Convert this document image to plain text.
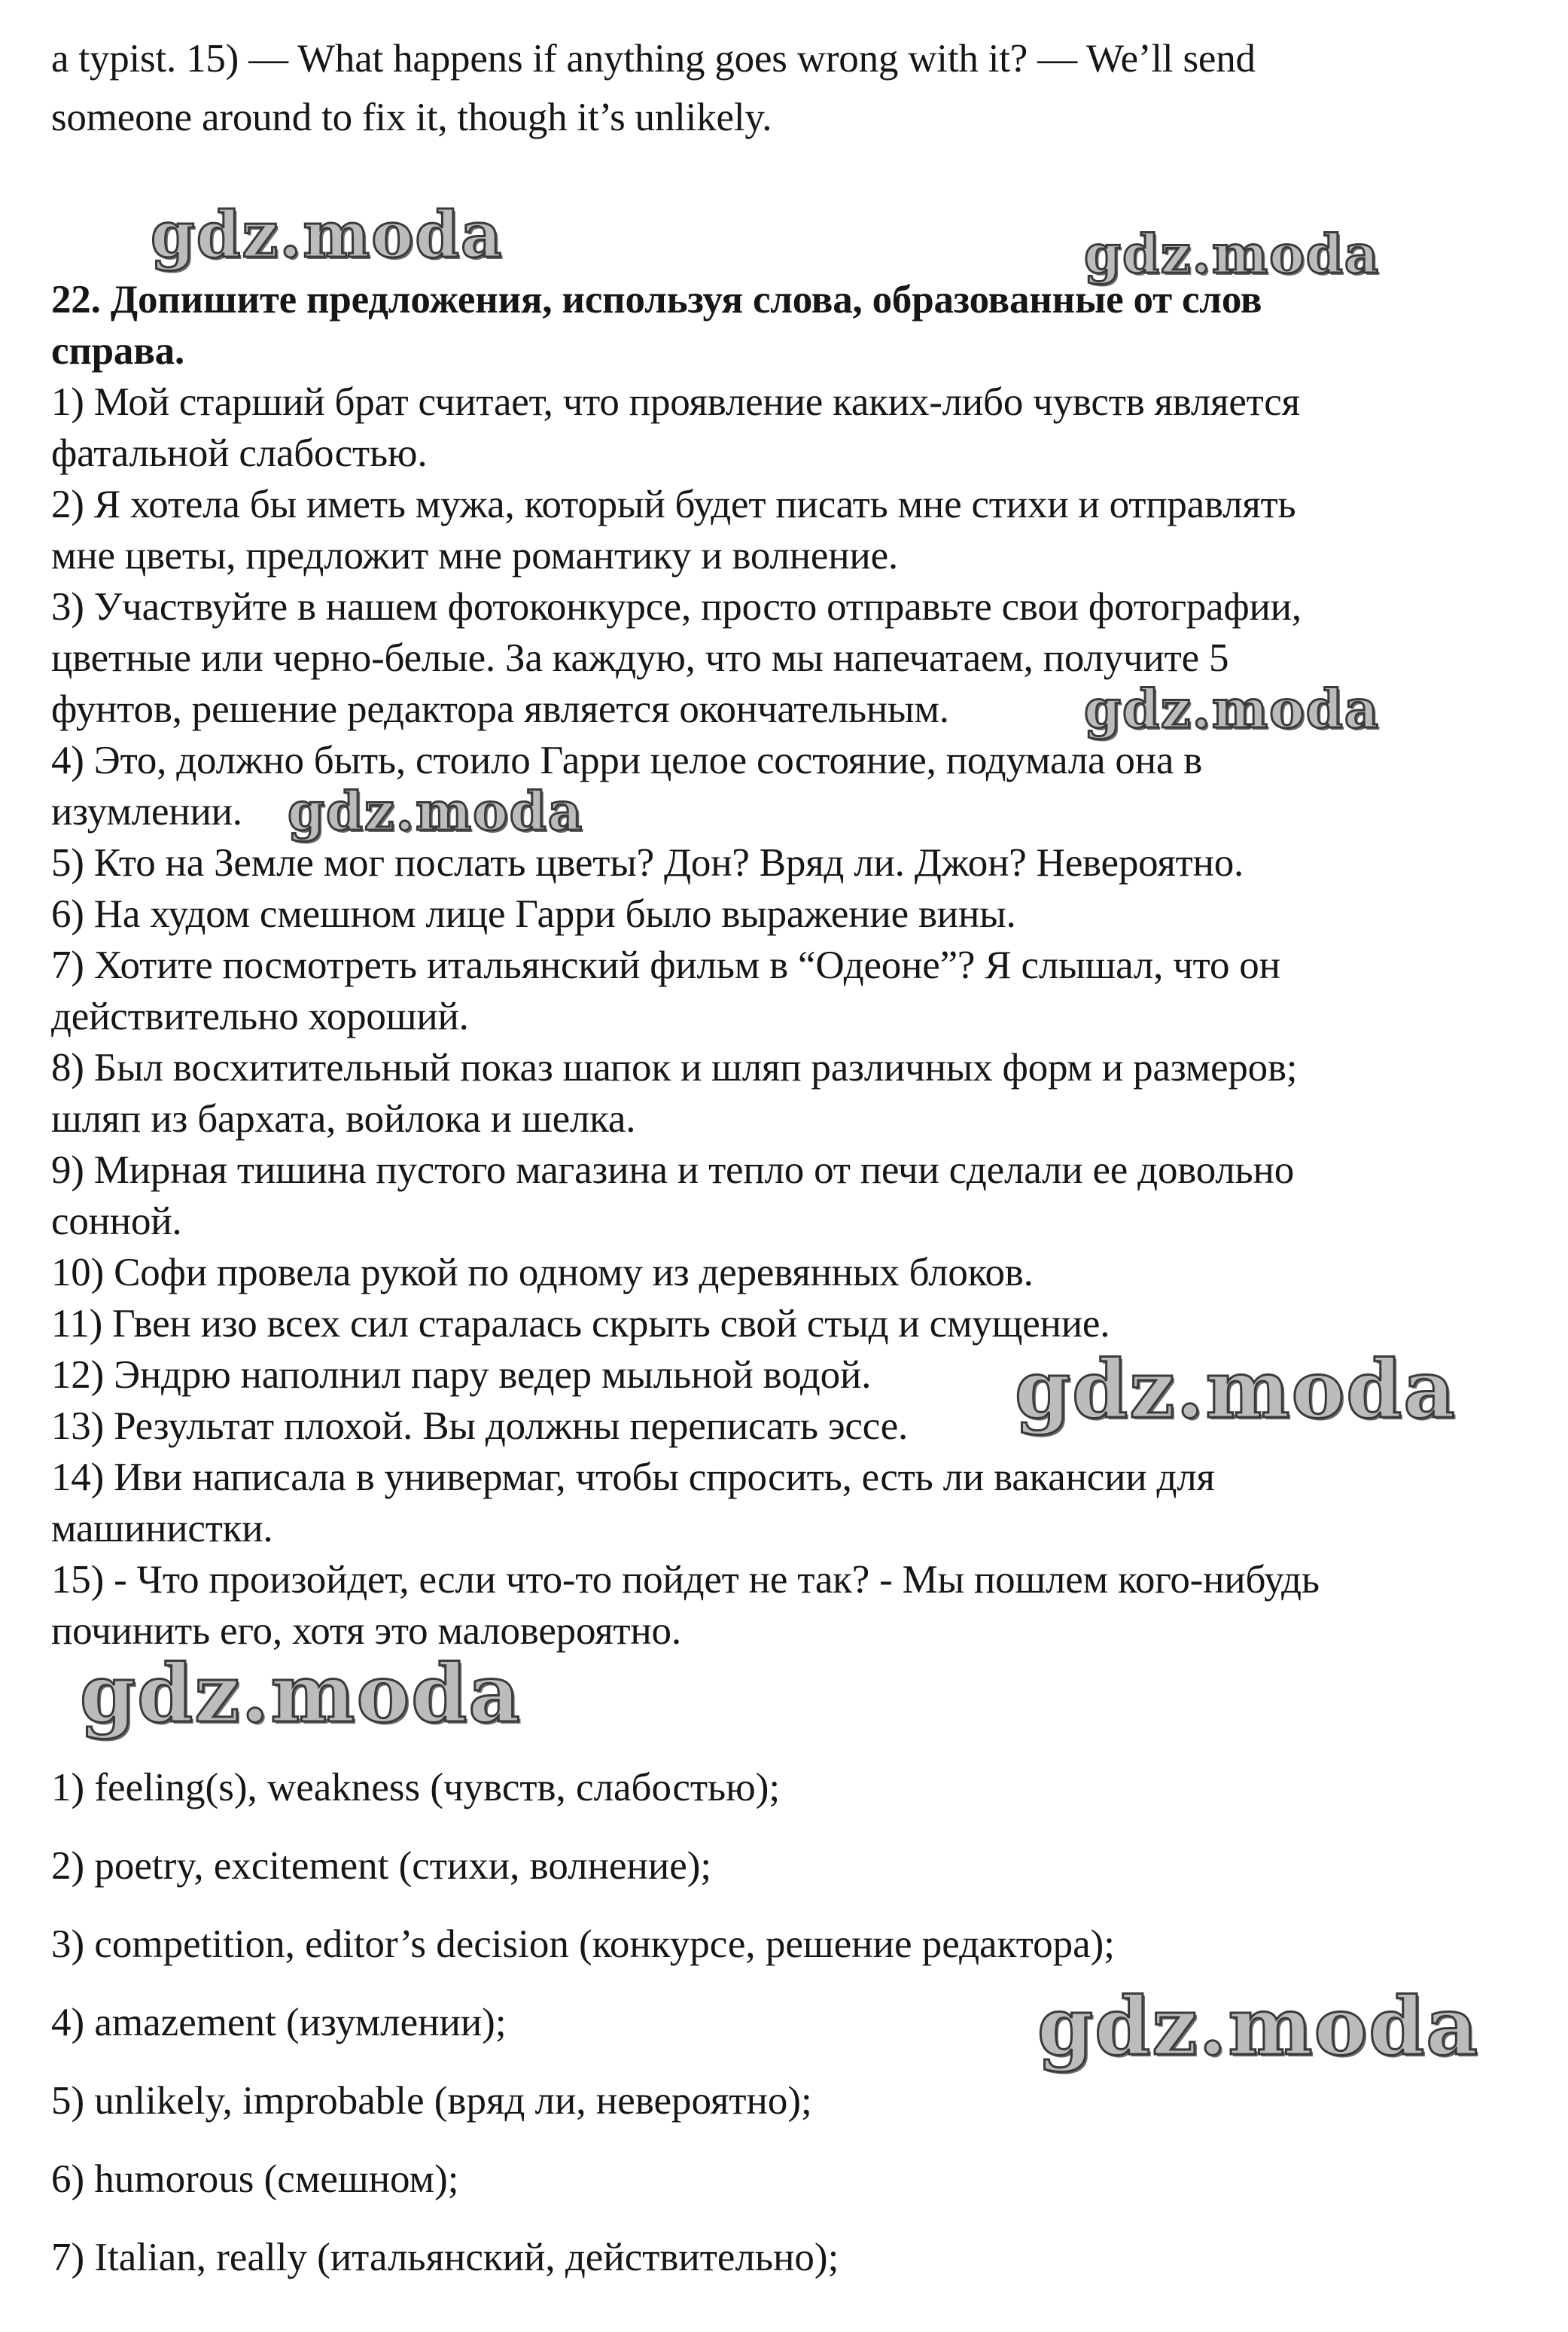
a typist. 15) — What happens if anything goes wrong with it? — We’ll send
someone around to fix it, though it’s unlikely.
22. Допишите предложения, используя слова, образованные от слов
справа.
1) Мой старший брат считает, что проявление каких-либо чувств является
фатальной слабостью.
2) Я хотела бы иметь мужа, который будет писать мне стихи и отправлять
мне цветы, предложит мне романтику и волнение.
3) Участвуйте в нашем фотоконкурсе, просто отправьте свои фотографии,
цветные или черно-белые. За каждую, что мы напечатаем, получите 5
фунтов, решение редактора является окончательным.
4) Это, должно быть, стоило Гарри целое состояние, подумала она в
изумлении.
5) Кто на Земле мог послать цветы? Дон? Вряд ли. Джон? Невероятно.
6) На худом смешном лице Гарри было выражение вины.
7) Хотите посмотреть итальянский фильм в “Одеоне”? Я слышал, что он
действительно хороший.
8) Был восхитительный показ шапок и шляп различных форм и размеров;
шляп из бархата, войлока и шелка.
9) Мирная тишина пустого магазина и тепло от печи сделали ее довольно
сонной.
10) Софи провела рукой по одному из деревянных блоков.
11) Гвен изо всех сил старалась скрыть свой стыд и смущение.
12) Эндрю наполнил пару ведер мыльной водой.
13) Результат плохой. Вы должны переписать эссе.
14) Иви написала в универмаг, чтобы спросить, есть ли вакансии для
машинистки.
15) - Что произойдет, если что-то пойдет не так? - Мы пошлем кого-нибудь
починить его, хотя это маловероятно.
1) feeling(s), weakness (чувств, слабостью);
2) poetry, excitement (стихи, волнение);
3) competition, editor’s decision (конкурсе, решение редактора);
4) amazement (изумлении);
5) unlikely, improbable (вряд ли, невероятно);
6) humorous (смешном);
7) Italian, really (итальянский, действительно);
gdz.moda	gdz.moda
gdz.moda
gdz.moda
gdz.moda
gdz.moda
gdz.moda
